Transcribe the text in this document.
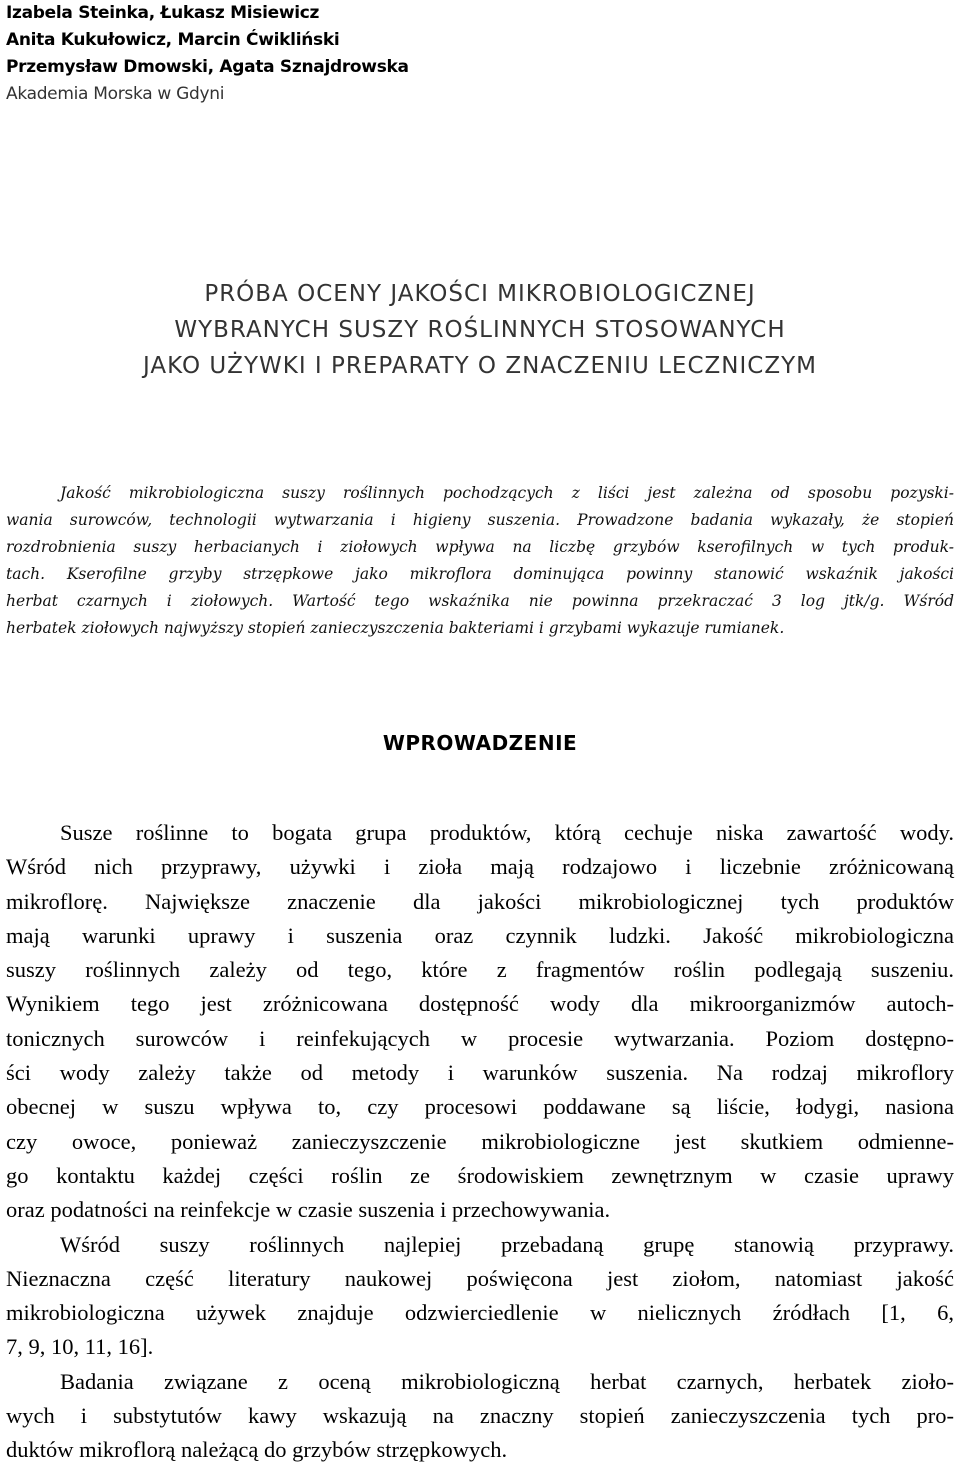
Izabela Steinka, Łukasz Misiewicz
Anita Kukułowicz, Marcin Ćwikliński
Przemysław Dmowski, Agata Sznajdrowska
Akademia Morska w Gdyni
PRÓBA OCENY JAKOŚCI MIKROBIOLOGICZNEJ
WYBRANYCH SUSZY ROŚLINNYCH STOSOWANYCH
JAKO UŻYWKI I PREPARATY O ZNACZENIU LECZNICZYM
Jakość mikrobiologiczna suszy roślinnych pochodzących z liści jest zależna od sposobu pozyski-
wania surowców, technologii wytwarzania i higieny suszenia. Prowadzone badania wykazały, że stopień
rozdrobnienia suszy herbacianych i ziołowych wpływa na liczbę grzybów kserofilnych w tych produk-
tach. Kserofilne grzyby strzępkowe jako mikroflora dominująca powinny stanowić wskaźnik jakości
herbat czarnych i ziołowych. Wartość tego wskaźnika nie powinna przekraczać 3 log jtk/g. Wśród
herbatek ziołowych najwyższy stopień zanieczyszczenia bakteriami i grzybami wykazuje rumianek.
WPROWADZENIE
Susze roślinne to bogata grupa produktów, którą cechuje niska zawartość wody.
Wśród nich przyprawy, używki i zioła mają rodzajowo i liczebnie zróżnicowaną
mikroflorę. Największe znaczenie dla jakości mikrobiologicznej tych produktów
mają warunki uprawy i suszenia oraz czynnik ludzki. Jakość mikrobiologiczna
suszy roślinnych zależy od tego, które z fragmentów roślin podlegają suszeniu.
Wynikiem tego jest zróżnicowana dostępność wody dla mikroorganizmów autoch-
tonicznych surowców i reinfekujących w procesie wytwarzania. Poziom dostępno-
ści wody zależy także od metody i warunków suszenia. Na rodzaj mikroflory
obecnej w suszu wpływa to, czy procesowi poddawane są liście, łodygi, nasiona
czy owoce, ponieważ zanieczyszczenie mikrobiologiczne jest skutkiem odmienne-
go kontaktu każdej części roślin ze środowiskiem zewnętrznym w czasie uprawy
oraz podatności na reinfekcje w czasie suszenia i przechowywania.
Wśród suszy roślinnych najlepiej przebadaną grupę stanowią przyprawy.
Nieznaczna część literatury naukowej poświęcona jest ziołom, natomiast jakość
mikrobiologiczna używek znajduje odzwierciedlenie w nielicznych źródłach [1, 6,
7, 9, 10, 11, 16].
Badania związane z oceną mikrobiologiczną herbat czarnych, herbatek zioło-
wych i substytutów kawy wskazują na znaczny stopień zanieczyszczenia tych pro-
duktów mikroflorą należącą do grzybów strzępkowych.
